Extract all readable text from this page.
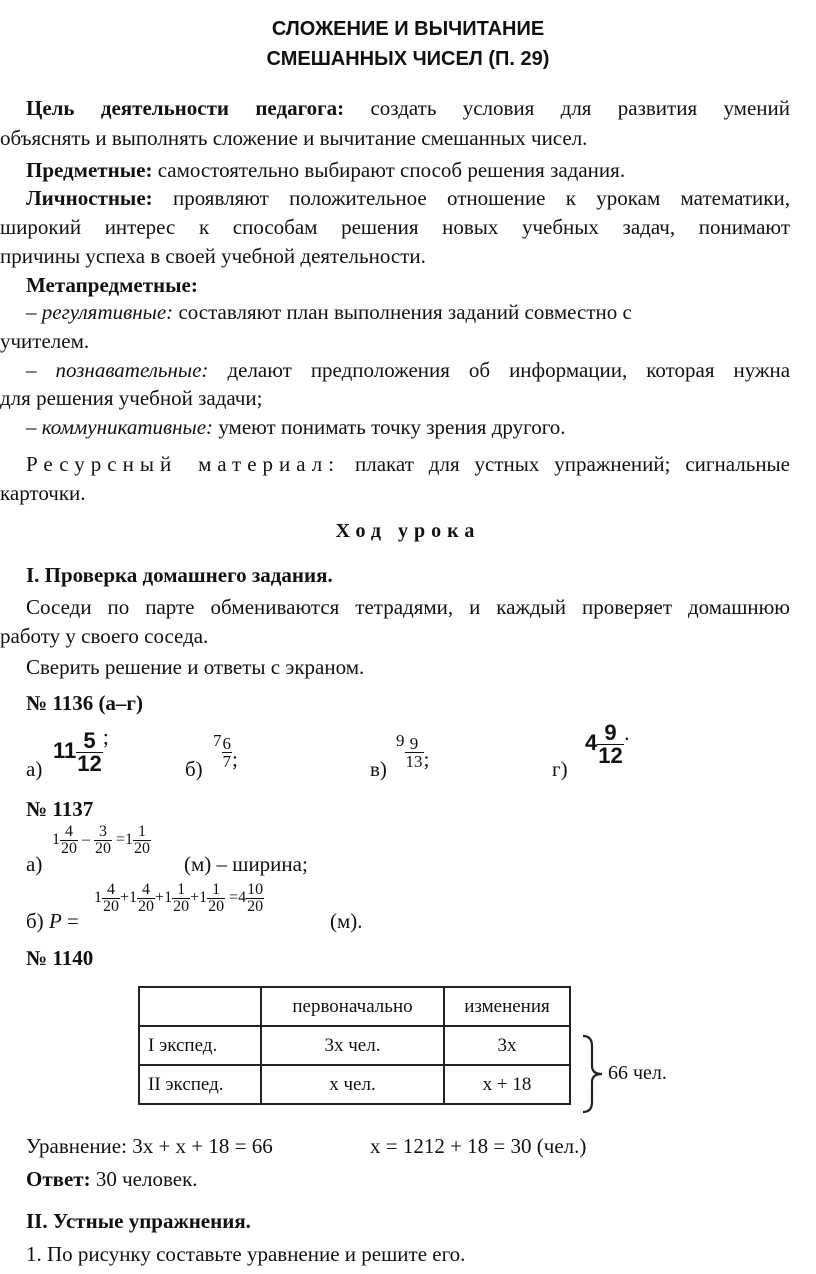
СЛОЖЕНИЕ И ВЫЧИТАНИЕ
СМЕШАННЫХ ЧИСЕЛ (П. 29)
Цель деятельности педагога: создать условия для развития умений
объяснять и выполнять сложение и вычитание смешанных чисел.
Предметные: самостоятельно выбирают способ решения задания.
Личностные: проявляют положительное отношение к урокам математики,
широкий интерес к способам решения новых учебных задач, понимают
причины успеха в своей учебной деятельности.
Метапредметные:
– регулятивные: составляют план выполнения заданий совместно с
учителем.
– познавательные: делают предположения об информации, которая нужна
для решения учебной задачи;
– коммуникативные: умеют понимать точку зрения другого.
Ресурсный материал: плакат для устных упражнений; сигнальные
карточки.
Ход урока
I. Проверка домашнего задания.
Соседи по парте обмениваются тетрадями, и каждый проверяет домашнюю
работу у своего соседа.
Сверить решение и ответы с экраном.
№ 1136 (а–г)
а)
$11 \frac{5}{12}$ ;
б)
$7 \frac{6}{7}$ ;	в)
$9 \frac{9}{13}$ ;	г)
$4 \frac{9}{12}$ .
№ 1137
а)
$1 \frac{4}{20} - \frac{3}{20} =1 \frac{1}{20}$
(м) – ширина;
б) P =
$1 \frac{4}{20} +1 \frac{4}{20} +1 \frac{1}{20} +1 \frac{1}{20} =4 \frac{10}{20}$
(м).
№ 1140
	первоначально	изменения
I экспед.	3x чел.	3x
II экспед.	x чел.	x + 18	66 чел.
Уравнение: 3x + x + 18 = 66	x = 1212 + 18 = 30 (чел.)
Ответ: 30 человек.
II. Устные упражнения.
1. По рисунку составьте уравнение и решите его.
